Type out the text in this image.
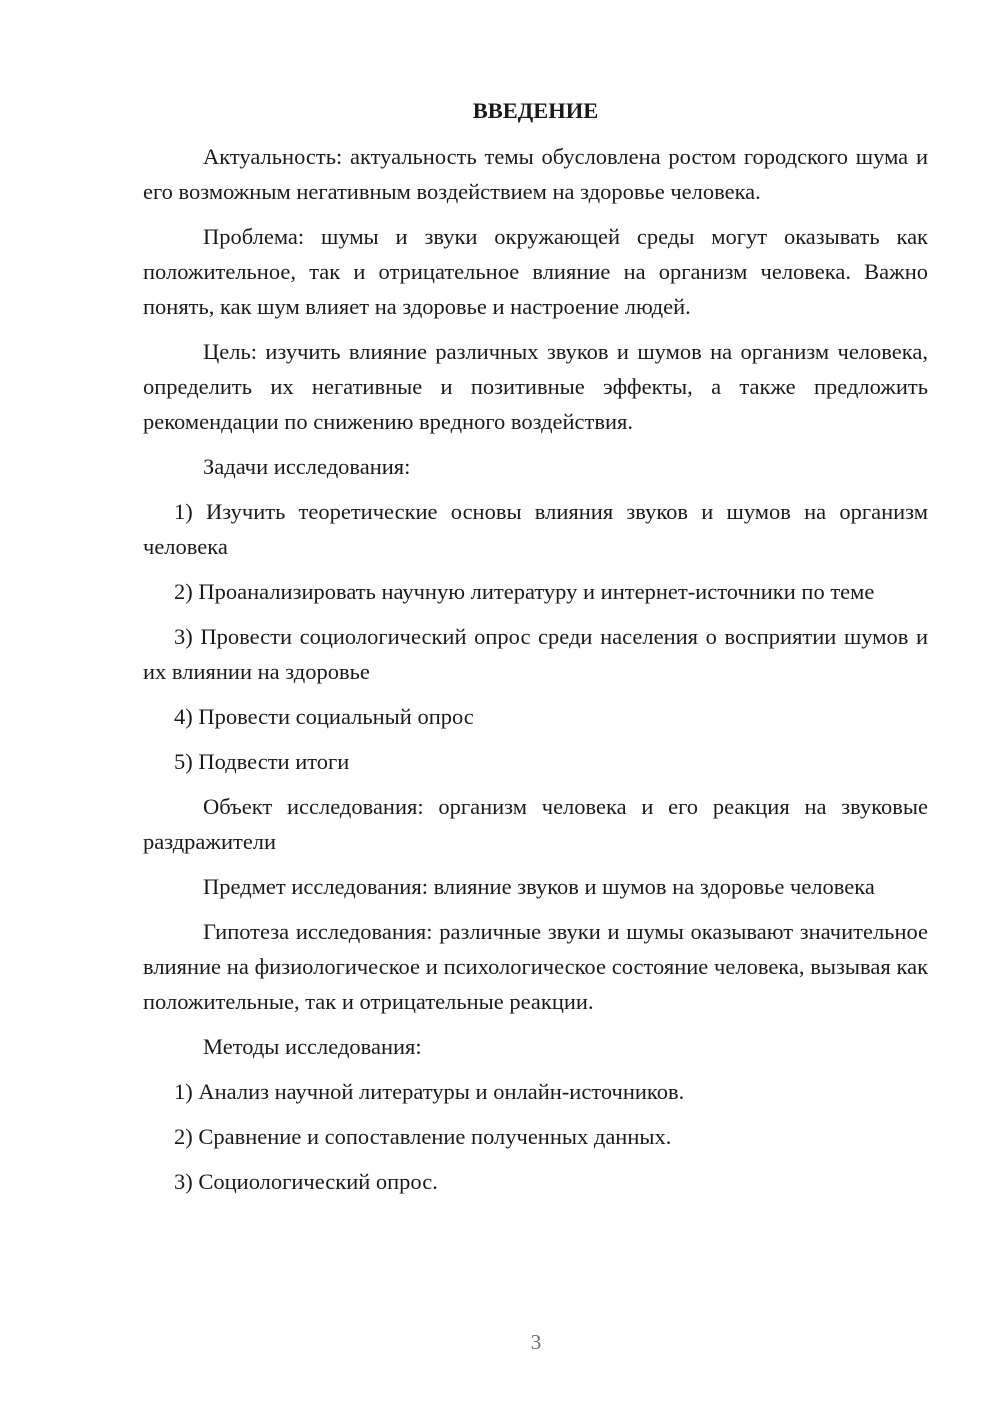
ВВЕДЕНИЕ

Актуальность: актуальность темы обусловлена ростом городского шума и его возможным негативным воздействием на здоровье человека.

Проблема: шумы и звуки окружающей среды могут оказывать как положительное, так и отрицательное влияние на организм человека. Важно понять, как шум влияет на здоровье и настроение людей.

Цель: изучить влияние различных звуков и шумов на организм человека, определить их негативные и позитивные эффекты, а также предложить рекомендации по снижению вредного воздействия.

Задачи исследования:

1) Изучить теоретические основы влияния звуков и шумов на организм человека

2) Проанализировать научную литературу и интернет-источники по теме

3) Провести социологический опрос среди населения о восприятии шумов и их влиянии на здоровье

4) Провести социальный опрос

5) Подвести итоги

Объект исследования: организм человека и его реакция на звуковые раздражители

Предмет исследования: влияние звуков и шумов на здоровье человека

Гипотеза исследования: различные звуки и шумы оказывают значительное влияние на физиологическое и психологическое состояние человека, вызывая как положительные, так и отрицательные реакции.

Методы исследования:

1) Анализ научной литературы и онлайн-источников.

2) Сравнение и сопоставление полученных данных.

3) Социологический опрос.

3
